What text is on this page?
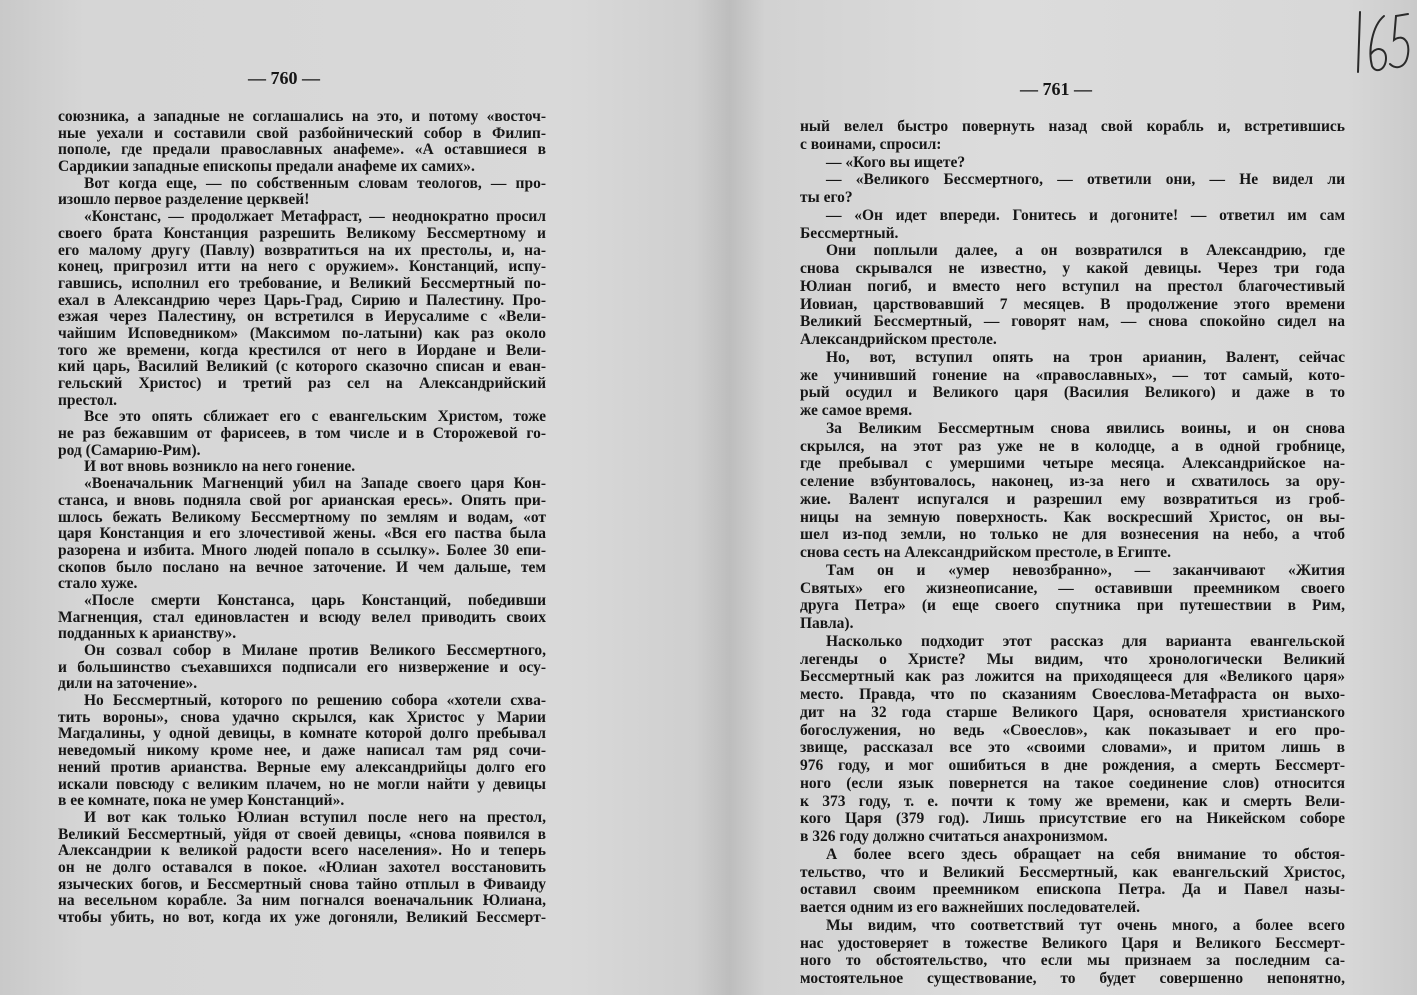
— 760 —
— 761 —
союзника, а западные не соглашались на это, и потому «восточ-
ные уехали и составили свой разбойнический собор в Филип-
пополе, где предали православных анафеме». «А оставшиеся в
Сардикии западные епископы предали анафеме их самих».
Вот когда еще, — по собственным словам теологов, — про-
изошло первое разделение церквей!
«Констанс, — продолжает Метафраст, — неоднократно просил
своего брата Констанция разрешить Великому Бессмертному и
его малому другу (Павлу) возвратиться на их престолы, и, на-
конец, пригрозил итти на него с оружием». Констанций, испу-
гавшись, исполнил его требование, и Великий Бессмертный по-
ехал в Александрию через Царь-Град, Сирию и Палестину. Про-
езжая через Палестину, он встретился в Иерусалиме с «Вели-
чайшим Исповедником» (Максимом по-латыни) как раз около
того же времени, когда крестился от него в Иордане и Вели-
кий царь, Василий Великий (с которого сказочно списан и еван-
гельский Христос) и третий раз сел на Александрийский
престол.
Все это опять сближает его с евангельским Христом, тоже
не раз бежавшим от фарисеев, в том числе и в Сторожевой го-
род (Самарию-Рим).
И вот вновь возникло на него гонение.
«Военачальник Магненций убил на Западе своего царя Кон-
станса, и вновь подняла свой рог арианская ересь». Опять при-
шлось бежать Великому Бессмертному по землям и водам, «от
царя Констанция и его злочестивой жены. «Вся его паства была
разорена и избита. Много людей попало в ссылку». Более 30 епи-
скопов было послано на вечное заточение. И чем дальше, тем
стало хуже.
«После смерти Констанса, царь Констанций, победивши
Магненция, стал единовластен и всюду велел приводить своих
подданных к арианству».
Он созвал собор в Милане против Великого Бессмертного,
и большинство съехавшихся подписали его низвержение и осу-
дили на заточение».
Но Бессмертный, которого по решению собора «хотели схва-
тить вороны», снова удачно скрылся, как Христос у Марии
Магдалины, у одной девицы, в комнате которой долго пребывал
неведомый никому кроме нее, и даже написал там ряд сочи-
нений против арианства. Верные ему александрийцы долго его
искали повсюду с великим плачем, но не могли найти у девицы
в ее комнате, пока не умер Констанций».
И вот как только Юлиан вступил после него на престол,
Великий Бессмертный, уйдя от своей девицы, «снова появился в
Александрии к великой радости всего населения». Но и теперь
он не долго оставался в покое. «Юлиан захотел восстановить
языческих богов, и Бессмертный снова тайно отплыл в Фиваиду
на весельном корабле. За ним погнался военачальник Юлиана,
чтобы убить, но вот, когда их уже догоняли, Великий Бессмерт-
ный велел быстро повернуть назад свой корабль и, встретившись
с воинами, спросил:
— «Кого вы ищете?
— «Великого Бессмертного, — ответили они, — Не видел ли
ты его?
— «Он идет впереди. Гонитесь и догоните! — ответил им сам
Бессмертный.
Они поплыли далее, а он возвратился в Александрию, где
снова скрывался не известно, у какой девицы. Через три года
Юлиан погиб, и вместо него вступил на престол благочестивый
Иовиан, царствовавший 7 месяцев. В продолжение этого времени
Великий Бессмертный, — говорят нам, — снова спокойно сидел на
Александрийском престоле.
Но, вот, вступил опять на трон арианин, Валент, сейчас
же учинивший гонение на «православных», — тот самый, кото-
рый осудил и Великого царя (Василия Великого) и даже в то
же самое время.
За Великим Бессмертным снова явились воины, и он снова
скрылся, на этот раз уже не в колодце, а в одной гробнице,
где пребывал с умершими четыре месяца. Александрийское на-
селение взбунтовалось, наконец, из-за него и схватилось за ору-
жие. Валент испугался и разрешил ему возвратиться из гроб-
ницы на земную поверхность. Как воскресший Христос, он вы-
шел из-под земли, но только не для вознесения на небо, а чтоб
снова сесть на Александрийском престоле, в Египте.
Там он и «умер невозбранно», — заканчивают «Жития
Святых» его жизнеописание, — оставивши преемником своего
друга Петра» (и еще своего спутника при путешествии в Рим,
Павла).
Насколько подходит этот рассказ для варианта евангельской
легенды о Христе? Мы видим, что хронологически Великий
Бессмертный как раз ложится на приходящееся для «Великого царя»
место. Правда, что по сказаниям Своеслова-Метафраста он выхо-
дит на 32 года старше Великого Царя, основателя христианского
богослужения, но ведь «Своеслов», как показывает и его про-
звище, рассказал все это «своими словами», и притом лишь в
976 году, и мог ошибиться в дне рождения, а смерть Бессмерт-
ного (если язык повернется на такое соединение слов) относится
к 373 году, т. е. почти к тому же времени, как и смерть Вели-
кого Царя (379 год). Лишь присутствие его на Никейском соборе
в 326 году должно считаться анахронизмом.
А более всего здесь обращает на себя внимание то обстоя-
тельство, что и Великий Бессмертный, как евангельский Христос,
оставил своим преемником епископа Петра. Да и Павел назы-
вается одним из его важнейших последователей.
Мы видим, что соответствий тут очень много, а более всего
нас удостоверяет в тожестве Великого Царя и Великого Бессмерт-
ного то обстоятельство, что если мы признаем за последним са-
мостоятельное существование, то будет совершенно непонятно,
